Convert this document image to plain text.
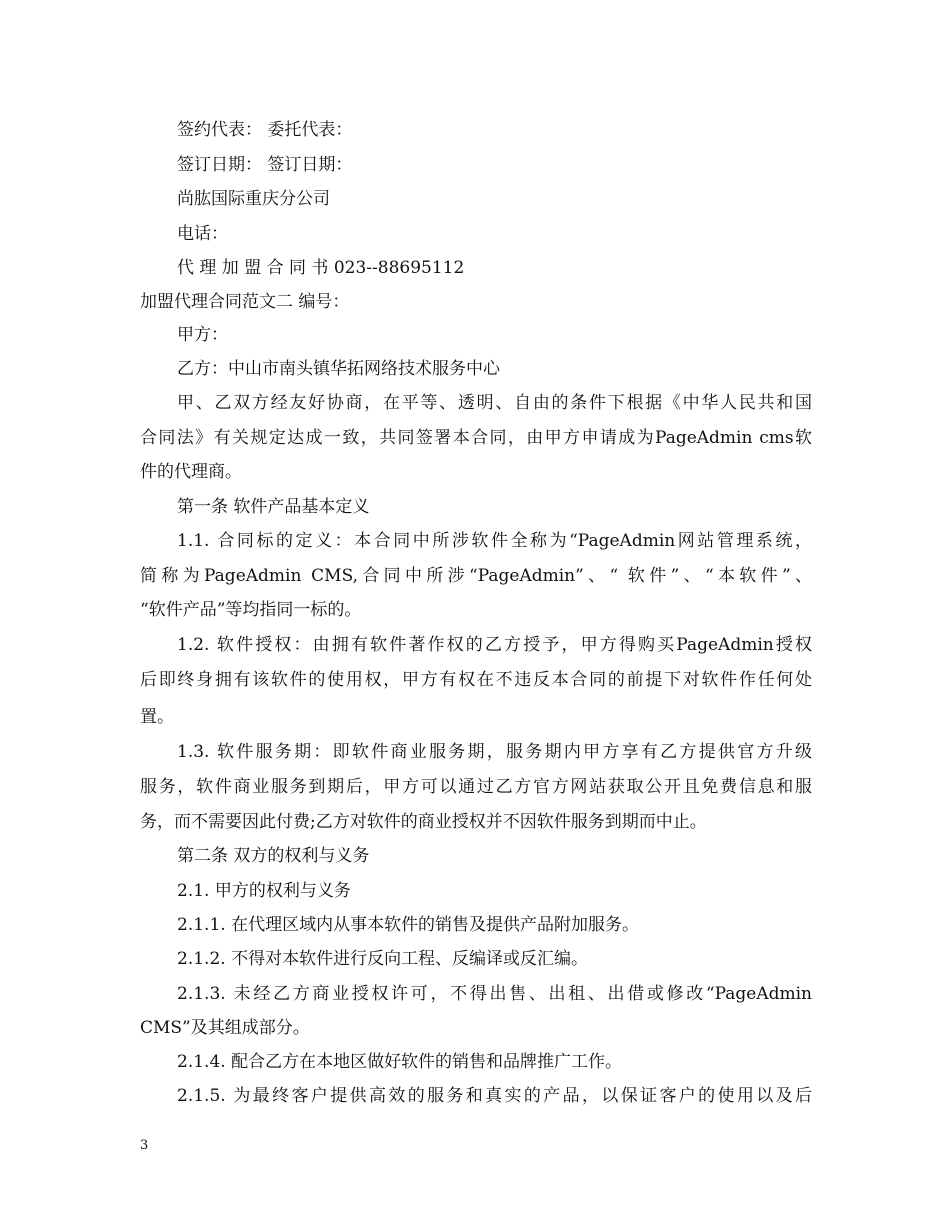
签约代表： 委托代表：
签订日期： 签订日期：
尚肱国际重庆分公司
电话：
代 理 加 盟 合 同 书 023--88695112
加盟代理合同范文二 编号：
甲方：
乙方：中山市南头镇华拓网络技术服务中心
甲、乙双方经友好协商，在平等、透明、自由的条件下根据《中华人民共和国
合同法》有关规定达成一致，共同签署本合同，由甲方申请成为PageAdmin cms软
件的代理商。
第一条 软件产品基本定义
1.1. 合同标的定义：本合同中所涉软件全称为“PageAdmin网站管理系统，
简称为PageAdmin CMS,合同中所涉“PageAdmin”、“ 软件”、“本软件”、
“软件产品”等均指同一标的。
1.2. 软件授权：由拥有软件著作权的乙方授予，甲方得购买PageAdmin授权
后即终身拥有该软件的使用权，甲方有权在不违反本合同的前提下对软件作任何处
置。
1.3. 软件服务期：即软件商业服务期，服务期内甲方享有乙方提供官方升级
服务，软件商业服务到期后，甲方可以通过乙方官方网站获取公开且免费信息和服
务，而不需要因此付费;乙方对软件的商业授权并不因软件服务到期而中止。
第二条 双方的权利与义务
2.1. 甲方的权利与义务
2.1.1. 在代理区域内从事本软件的销售及提供产品附加服务。
2.1.2. 不得对本软件进行反向工程、反编译或反汇编。
2.1.3. 未经乙方商业授权许可，不得出售、出租、出借或修改“PageAdmin
CMS”及其组成部分。
2.1.4. 配合乙方在本地区做好软件的销售和品牌推广工作。
2.1.5. 为最终客户提供高效的服务和真实的产品，以保证客户的使用以及后
3
